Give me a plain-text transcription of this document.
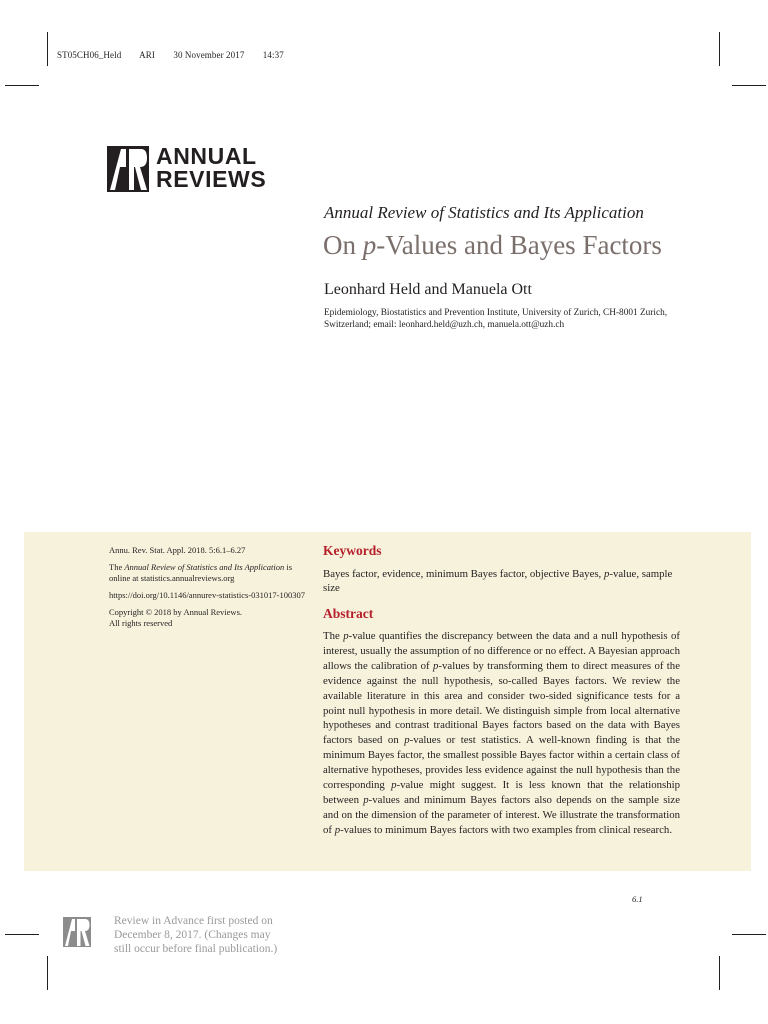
ST05CH06_Held ARI 30 November 2017 14:37
ANNUAL
REVIEWS
Annual Review of Statistics and Its Application
On p-Values and Bayes Factors
Leonhard Held and Manuela Ott
Epidemiology, Biostatistics and Prevention Institute, University of Zurich, CH-8001 Zurich, Switzerland; email: leonhard.held@uzh.ch, manuela.ott@uzh.ch

Annu. Rev. Stat. Appl. 2018. 5:6.1–6.27

The Annual Review of Statistics and Its Application is online at statistics.annualreviews.org

https://doi.org/10.1146/annurev-statistics-031017-100307

Copyright © 2018 by Annual Reviews.
All rights reserved

Keywords
Bayes factor, evidence, minimum Bayes factor, objective Bayes, p-value, sample size
Abstract
The p-value quantifies the discrepancy between the data and a null hypothesis of interest, usually the assumption of no difference or no effect. A Bayesian approach allows the calibration of p-values by transforming them to direct measures of the evidence against the null hypothesis, so-called Bayes factors. We review the available literature in this area and consider two-sided significance tests for a point null hypothesis in more detail. We distinguish simple from local alternative hypotheses and contrast traditional Bayes factors based on the data with Bayes factors based on p-values or test statistics. A well-known finding is that the minimum Bayes factor, the smallest possible Bayes factor within a certain class of alternative hypotheses, provides less evidence against the null hypothesis than the corresponding p-value might suggest. It is less known that the relationship between p-values and minimum Bayes factors also depends on the sample size and on the dimension of the parameter of interest. We illustrate the transformation of p-values to minimum Bayes factors with two examples from clinical research.
6.1
Review in Advance first posted on December 8, 2017. (Changes may still occur before final publication.)
